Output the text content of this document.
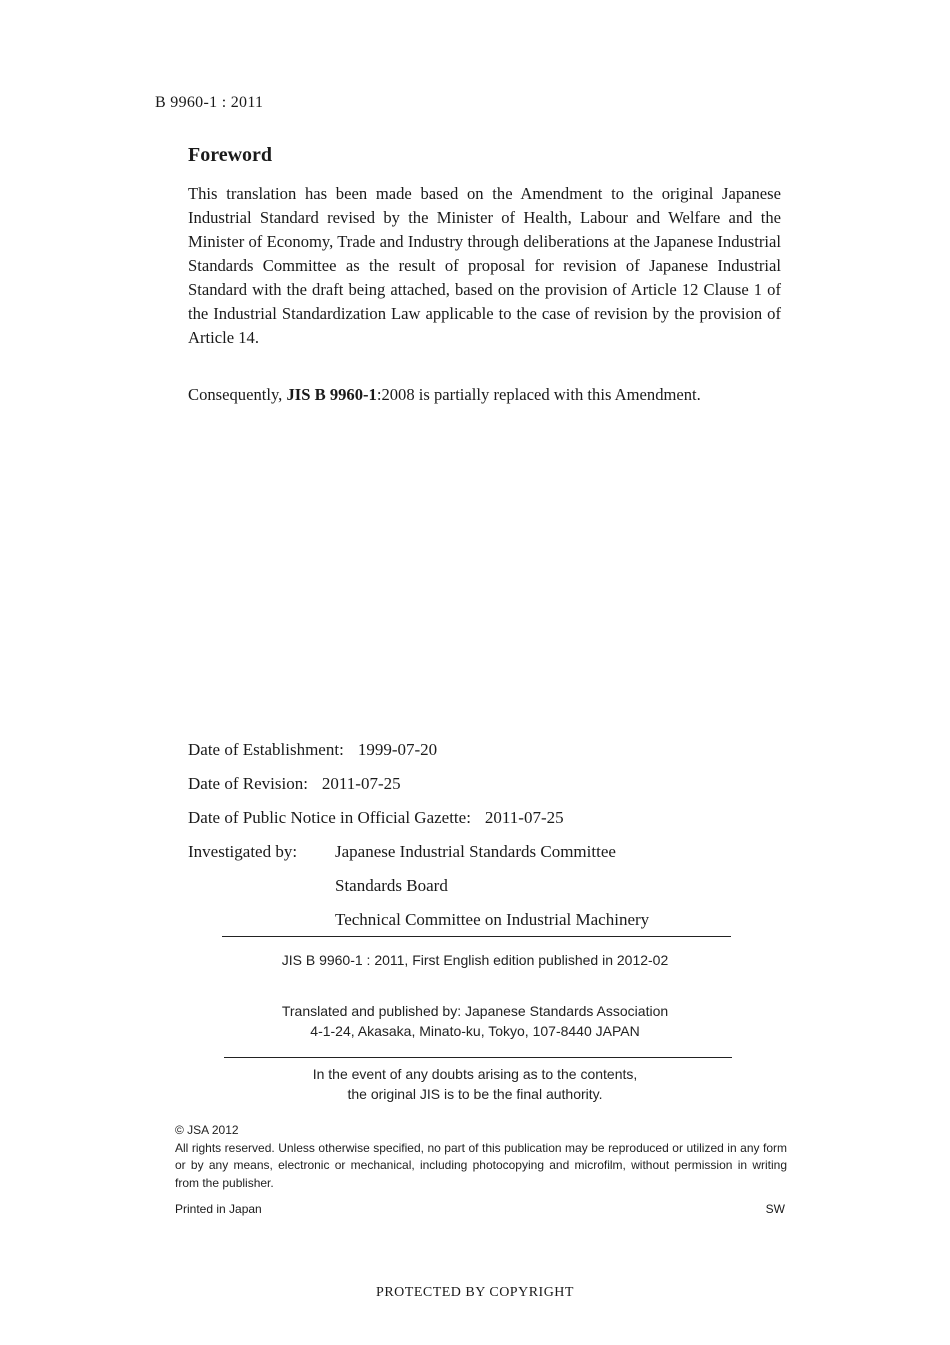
B 9960-1 : 2011
Foreword

This translation has been made based on the Amendment to the original Japanese Industrial Standard revised by the Minister of Health, Labour and Welfare and the Minister of Economy, Trade and Industry through deliberations at the Japanese Industrial Standards Committee as the result of proposal for revision of Japanese Industrial Standard with the draft being attached, based on the provision of Article 12 Clause 1 of the Industrial Standardization Law applicable to the case of revision by the provision of Article 14.

Consequently, JIS B 9960-1:2008 is partially replaced with this Amendment.

Date of Establishment: 1999-07-20
Date of Revision: 2011-07-25
Date of Public Notice in Official Gazette: 2011-07-25
Investigated by: Japanese Industrial Standards Committee
Standards Board
Technical Committee on Industrial Machinery
JIS B 9960-1 : 2011, First English edition published in 2012-02
Translated and published by: Japanese Standards Association
4-1-24, Akasaka, Minato-ku, Tokyo, 107-8440 JAPAN
In the event of any doubts arising as to the contents,
the original JIS is to be the final authority.
© JSA 2012
All rights reserved. Unless otherwise specified, no part of this publication may be reproduced or utilized in any form or by any means, electronic or mechanical, including photocopying and microfilm, without permission in writing from the publisher.
Printed in Japan	SW
PROTECTED BY COPYRIGHT
